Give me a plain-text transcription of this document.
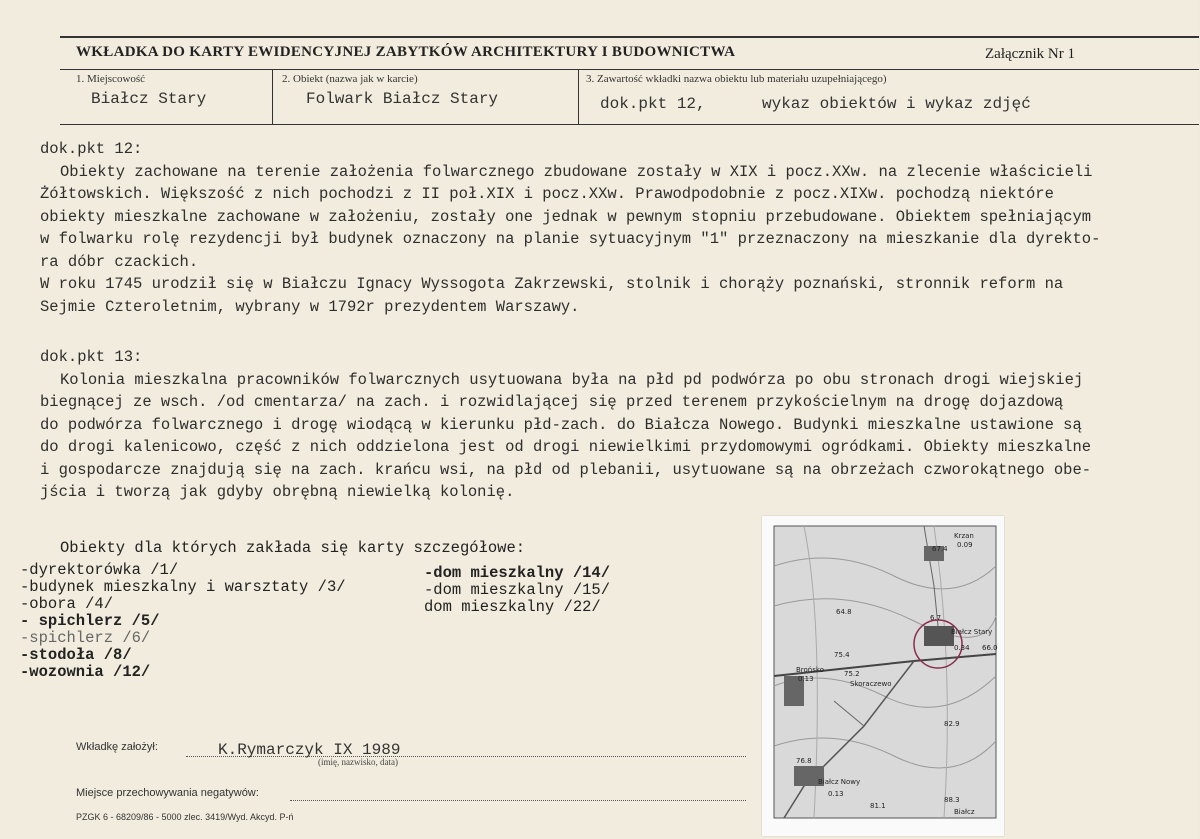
WKŁADKA DO KARTY EWIDENCYJNEJ ZABYTKÓW ARCHITEKTURY I BUDOWNICTWA	Załącznik Nr 1
1. Miejscowość
Białcz Stary
2. Obiekt (nazwa jak w karcie)
Folwark Białcz Stary
3. Zawartość wkładki nazwa obiektu lub materiału uzupełniającego)
dok.pkt 12,	wykaz obiektów i wykaz zdjęć
dok.pkt 12:
Obiekty zachowane na terenie założenia folwarcznego zbudowane zostały w XIX i pocz.XXw. na zlecenie właścicieli
Żółtowskich. Większość z nich pochodzi z II poł.XIX i pocz.XXw. Prawodpodobnie z pocz.XIXw. pochodzą niektóre
obiekty mieszkalne zachowane w założeniu, zostały one jednak w pewnym stopniu przebudowane. Obiektem spełniającym
w folwarku rolę rezydencji był budynek oznaczony na planie sytuacyjnym "1" przeznaczony na mieszkanie dla dyrekto-
ra dóbr czackich.
W roku 1745 urodził się w Białczu Ignacy Wyssogota Zakrzewski, stolnik i chorąży poznański, stronnik reform na
Sejmie Czteroletnim, wybrany w 1792r prezydentem Warszawy.
dok.pkt 13:
Kolonia mieszkalna pracowników folwarcznych usytuowana była na płd pd podwórza po obu stronach drogi wiejskiej
biegnącej ze wsch. /od cmentarza/ na zach. i rozwidlającej się przed terenem przykościelnym na drogę dojazdową
do podwórza folwarcznego i drogę wiodącą w kierunku płd-zach. do Białcza Nowego. Budynki mieszkalne ustawione są
do drogi kalenicowo, część z nich oddzielona jest od drogi niewielkimi przydomowymi ogródkami. Obiekty mieszkalne
i gospodarcze znajdują się na zach. krańcu wsi, na płd od plebanii, usytuowane są na obrzeżach czworokątnego obe-
jścia i tworzą jak gdyby obrębną niewielką kolonię.
Obiekty dla których zakłada się karty szczegółowe:
-dyrektorówka /1/
-budynek mieszkalny i warsztaty /3/
-obora /4/
- spichlerz /5/
-spichlerz /6/
-stodoła /8/
-wozownia /12/
-dom mieszkalny /14/
-dom mieszkalny /15/
dom mieszkalny /22/
Wkładkę założył:	K.Rymarczyk IX 1989
(imię, nazwisko, data)
Miejsce przechowywania negatywów:
PZGK 6 - 68209/86 - 5000 zlec. 3419/Wyd. Akcyd. P-ń
Białcz Stary
0.34 66.0
6.7
Brońsko
0.13
Skoraczewo
75.2
75.4
64.8
82.9
76.8
Białcz Nowy
0.13
81.1
88.3
Krzan
0.09
67.4
Białcz
